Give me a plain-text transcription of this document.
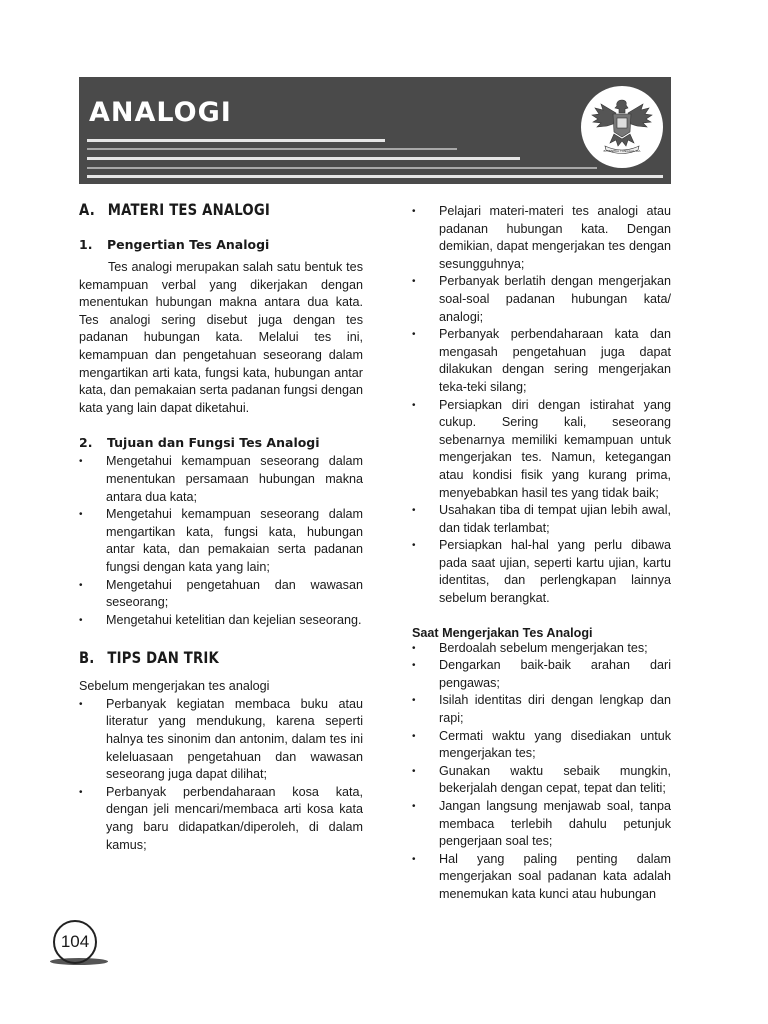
ANALOGI
BHINNEKA TUNGGAL IKA
A. MATERI TES ANALOGI
1.	Pengertian Tes Analogi

Tes analogi merupakan salah satu bentuk tes kemampuan verbal yang dikerjakan dengan menentukan hubungan makna antara dua kata. Tes analogi sering disebut juga dengan tes padanan hubungan kata. Melalui tes ini, kemampuan dan pengetahuan seseorang dalam mengartikan arti kata, fungsi kata, hubungan antar kata, dan pemakaian serta padanan fungsi dengan kata yang lain dapat diketahui.

2.	Tujuan dan Fungsi Tes Analogi
• Mengetahui kemampuan seseorang dalam menentukan persamaan hubungan makna antara dua kata;
• Mengetahui kemampuan seseorang dalam mengartikan kata, fungsi kata, hubungan antar kata, dan pemakaian serta padanan fungsi dengan kata yang lain;
• Mengetahui pengetahuan dan wawasan seseorang;
• Mengetahui ketelitian dan kejelian seseorang.
B. TIPS DAN TRIK

Sebelum mengerjakan tes analogi

• Perbanyak kegiatan membaca buku atau literatur yang mendukung, karena seperti halnya tes sinonim dan antonim, dalam tes ini keleluasaan pengetahuan dan wawasan seseorang juga dapat dilihat;
• Perbanyak perbendaharaan kosa kata, dengan jeli mencari/membaca arti kosa kata yang baru didapatkan/diperoleh, di dalam kamus;
• Pelajari materi-materi tes analogi atau padanan hubungan kata. Dengan demikian, dapat mengerjakan tes dengan sesungguhnya;
• Perbanyak berlatih dengan mengerjakan soal-soal padanan hubungan kata/ analogi;
• Perbanyak perbendaharaan kata dan mengasah pengetahuan juga dapat dilakukan dengan sering mengerjakan teka-teki silang;
• Persiapkan diri dengan istirahat yang cukup. Sering kali, seseorang sebenarnya memiliki kemampuan untuk mengerjakan tes. Namun, ketegangan atau kondisi fisik yang kurang prima, menyebabkan hasil tes yang tidak baik;
• Usahakan tiba di tempat ujian lebih awal, dan tidak terlambat;
• Persiapkan hal-hal yang perlu dibawa pada saat ujian, seperti kartu ujian, kartu identitas, dan perlengkapan lainnya sebelum berangkat.
Saat Mengerjakan Tes Analogi
• Berdoalah sebelum mengerjakan tes;
• Dengarkan baik-baik arahan dari pengawas;
• Isilah identitas diri dengan lengkap dan rapi;
• Cermati waktu yang disediakan untuk mengerjakan tes;
• Gunakan waktu sebaik mungkin, bekerjalah dengan cepat, tepat dan teliti;
• Jangan langsung menjawab soal, tanpa membaca terlebih dahulu petunjuk pengerjaan soal tes;
• Hal yang paling penting dalam mengerjakan soal padanan kata adalah menemukan kata kunci atau hubungan
104
